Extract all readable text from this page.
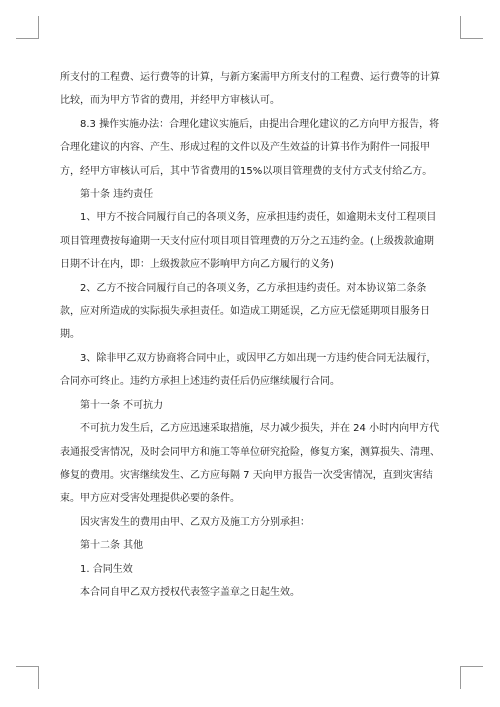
所支付的工程费、运行费等的计算，与新方案需甲方所支付的工程费、运行费等的计算比较，而为甲方节省的费用，并经甲方审核认可。

8.3 操作实施办法：合理化建议实施后，由提出合理化建议的乙方向甲方报告，将合理化建议的内容、产生、形成过程的文件以及产生效益的计算书作为附件一同报甲方，经甲方审核认可后，其中节省费用的15%以项目管理费的支付方式支付给乙方。

第十条 违约责任

1、甲方不按合同履行自己的各项义务，应承担违约责任，如逾期未支付工程项目项目管理费按每逾期一天支付应付项目项目管理费的万分之五违约金。(上级拨款逾期日期不计在内，即：上级拨款应不影响甲方向乙方履行的义务)

2、乙方不按合同履行自己的各项义务，乙方承担违约责任。对本协议第二条条款，应对所造成的实际损失承担责任。如造成工期延误，乙方应无偿延期项目服务日期。

3、除非甲乙双方协商将合同中止，或因甲乙方如出现一方违约使合同无法履行，合同亦可终止。违约方承担上述违约责任后仍应继续履行合同。

第十一条 不可抗力

不可抗力发生后，乙方应迅速采取措施，尽力减少损失，并在 24 小时内向甲方代表通报受害情况，及时会同甲方和施工等单位研究抢险，修复方案，测算损失、清理、修复的费用。灾害继续发生、乙方应每隔 7 天向甲方报告一次受害情况，直到灾害结束。甲方应对受害处理提供必要的条件。

因灾害发生的费用由甲、乙双方及施工方分别承担：

第十二条 其他

1. 合同生效

本合同自甲乙双方授权代表签字盖章之日起生效。
